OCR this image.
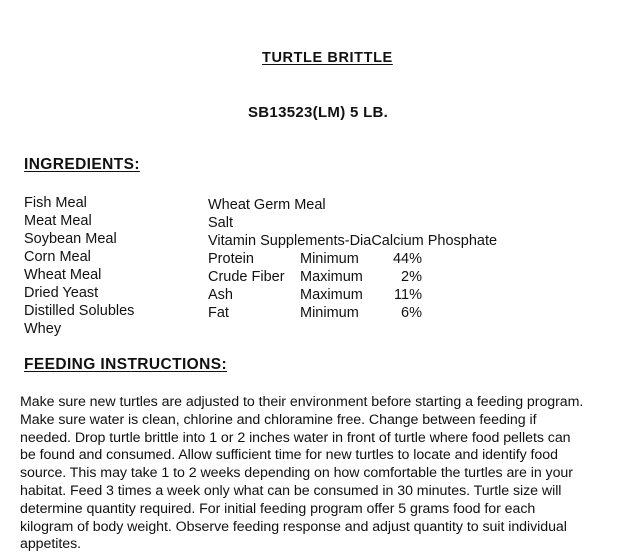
TURTLE BRITTLE
SB13523(LM) 5 LB.
INGREDIENTS:
Fish Meal
Meat Meal
Soybean Meal
Corn Meal
Wheat Meal
Dried Yeast
Distilled Solubles
Whey
Wheat Germ Meal
Salt
Vitamin Supplements-DiaCalcium Phosphate
Protein	Minimum	44%
Crude Fiber Maximum	2%
Ash	Maximum	11%
Fat	Minimum	6%
FEEDING INSTRUCTIONS:
Make sure new turtles are adjusted to their environment before starting a feeding program.
Make sure water is clean, chlorine and chloramine free. Change between feeding if
needed. Drop turtle brittle into 1 or 2 inches water in front of turtle where food pellets can
be found and consumed. Allow sufficient time for new turtles to locate and identify food
source. This may take 1 to 2 weeks depending on how comfortable the turtles are in your
habitat. Feed 3 times a week only what can be consumed in 30 minutes. Turtle size will
determine quantity required. For initial feeding program offer 5 grams food for each
kilogram of body weight. Observe feeding response and adjust quantity to suit individual
appetites.
